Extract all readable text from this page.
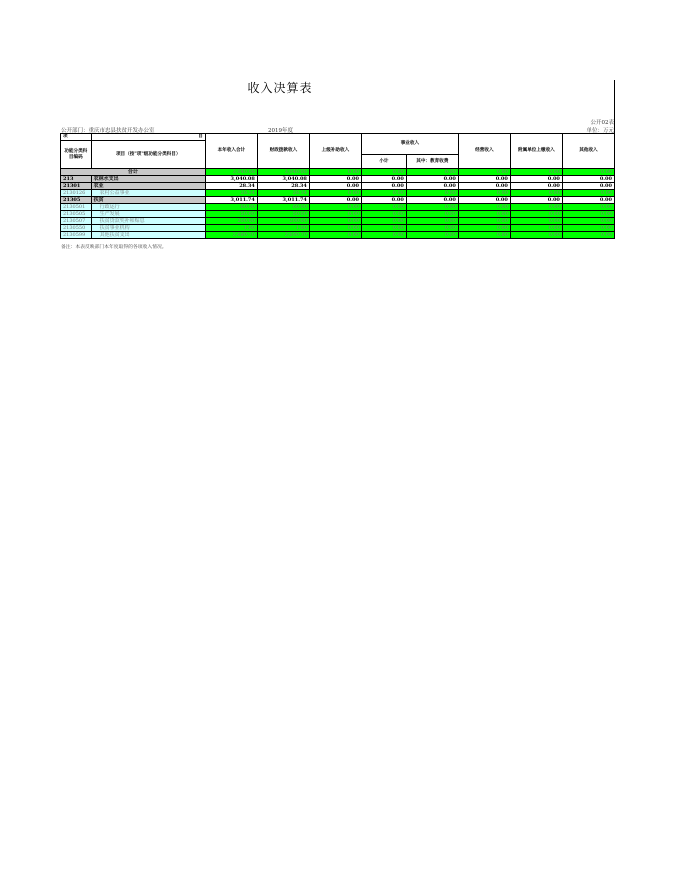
收入决算表
公开02表
公开部门：重庆市忠县扶贫开发办公室	2019年度	单位：万元
项	目	本年收入合计	财政拨款收入	上级补助收入	事业收入		经营收入	附属单位上缴收入	其他收入
功能分类科目编码	项目（按"项"级功能分类科目）								
					小计	其中：教育收费			
合计		3,040.08	3,040.08	0.00	0.00	0.00	0.00	0.00	0.00
213	农林水支出	3,040.08	3,040.08	0.00	0.00	0.00	0.00	0.00	0.00
21301	农业	28.34	28.34	0.00	0.00	0.00	0.00	0.00	0.00
2130126	农村公益事业	28.34	28.34	0.00	0.00	0.00	0.00	0.00	0.00
21305	扶贫	3,011.74	3,011.74	0.00	0.00	0.00	0.00	0.00	0.00
2130501	行政运行	60.00	60.00	0.00	0.00	0.00	0.00	0.00	0.00
2130505	生产发展	50.00	50.00	0.00	0.00	0.00	0.00	0.00	0.00
2130507	扶贫贷款奖补和贴息	200.00	200.00	0.00	0.00	0.00	0.00	0.00	0.00
2130550	扶贫事业机构	1.00	1.00	0.00	0.00	0.00	0.00	0.00	0.00
2130599	其他扶贫支出	2,690.70	2,690.70	0.00	0.00	0.00	0.00	0.00	0.00
备注：本表反映部门本年度取得的各项收入情况。
